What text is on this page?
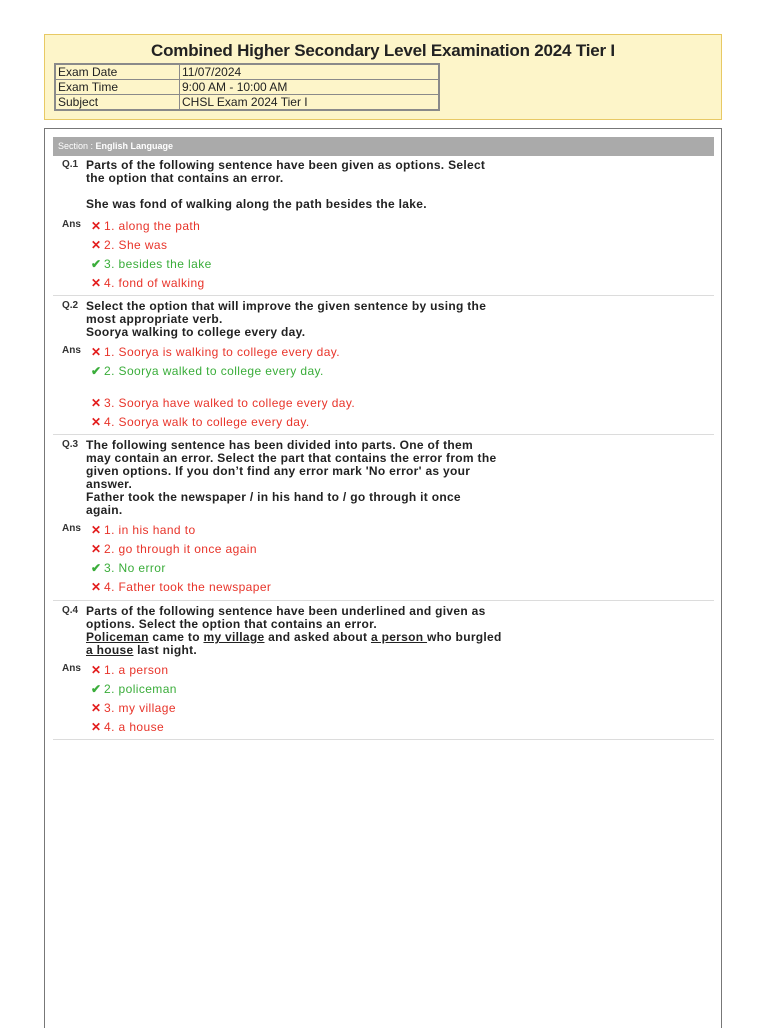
Combined Higher Secondary Level Examination 2024 Tier I
Exam Date	11/07/2024
Exam Time	9:00 AM - 10:00 AM
Subject	CHSL Exam 2024 Tier I
Section : English Language
Q.1 Parts of the following sentence have been given as options. Select
the option that contains an error.
She was fond of walking along the path besides the lake.
Ans ✕ 1. along the path
✕ 2. She was
✔ 3. besides the lake
✕ 4. fond of walking
Q.2 Select the option that will improve the given sentence by using the
most appropriate verb.
Soorya walking to college every day.
Ans ✕ 1. Soorya is walking to college every day.
✔ 2. Soorya walked to college every day.
✕ 3. Soorya have walked to college every day.
✕ 4. Soorya walk to college every day.
Q.3 The following sentence has been divided into parts. One of them
may contain an error. Select the part that contains the error from the
given options. If you don’t find any error mark 'No error' as your
answer.
Father took the newspaper / in his hand to / go through it once
again.
Ans ✕ 1. in his hand to
✕ 2. go through it once again
✔ 3. No error
✕ 4. Father took the newspaper
Q.4 Parts of the following sentence have been underlined and given as
options. Select the option that contains an error.
Policeman came to my village and asked about a person who burgled
a house last night.
Ans ✕ 1. a person
✔ 2. policeman
✕ 3. my village
✕ 4. a house
